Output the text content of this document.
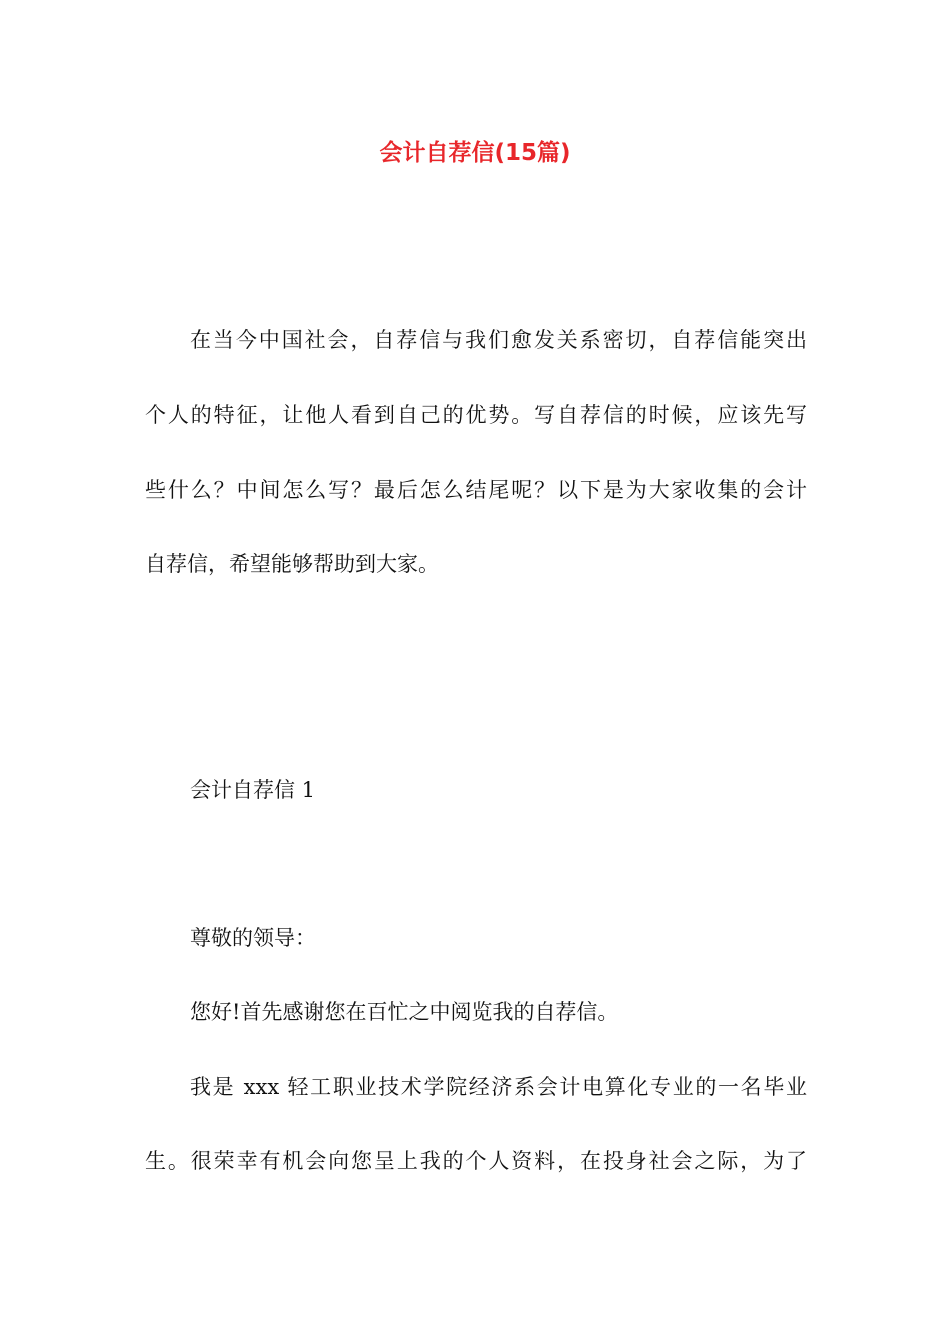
会计自荐信(15篇)
在当今中国社会，自荐信与我们愈发关系密切，自荐信能突出
个人的特征，让他人看到自己的优势。写自荐信的时候，应该先写
些什么？中间怎么写？最后怎么结尾呢？以下是为大家收集的会计
自荐信，希望能够帮助到大家。
会计自荐信 1
尊敬的领导：
您好!首先感谢您在百忙之中阅览我的自荐信。
我是 xxx 轻工职业技术学院经济系会计电算化专业的一名毕业
生。很荣幸有机会向您呈上我的个人资料，在投身社会之际，为了
